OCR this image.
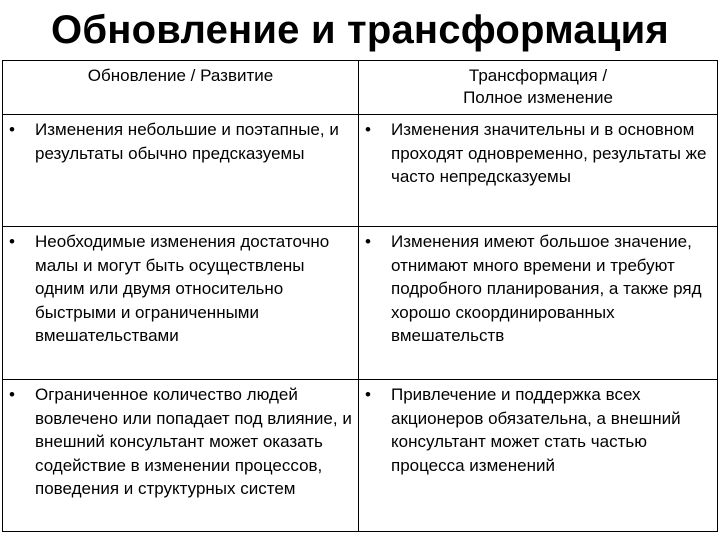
Обновление и трансформация
Обновление / Развитие	Трансформация /
Полное изменение

• Изменения небольшие и поэтапные, и результаты обычно предсказуемы	• Изменения значительны и в основном проходят одновременно, результаты же часто непредсказуемы

• Необходимые изменения достаточно малы и могут быть осуществлены одним или двумя относительно быстрыми и ограниченными вмешательствами	• Изменения имеют большое значение, отнимают много времени и требуют подробного планирования, а также ряд хорошо скоординированных вмешательств

• Ограниченное количество людей вовлечено или попадает под влияние, и внешний консультант может оказать содействие в изменении процессов, поведения и структурных систем	• Привлечение и поддержка всех акционеров обязательна, а внешний консультант может стать частью процесса изменений
